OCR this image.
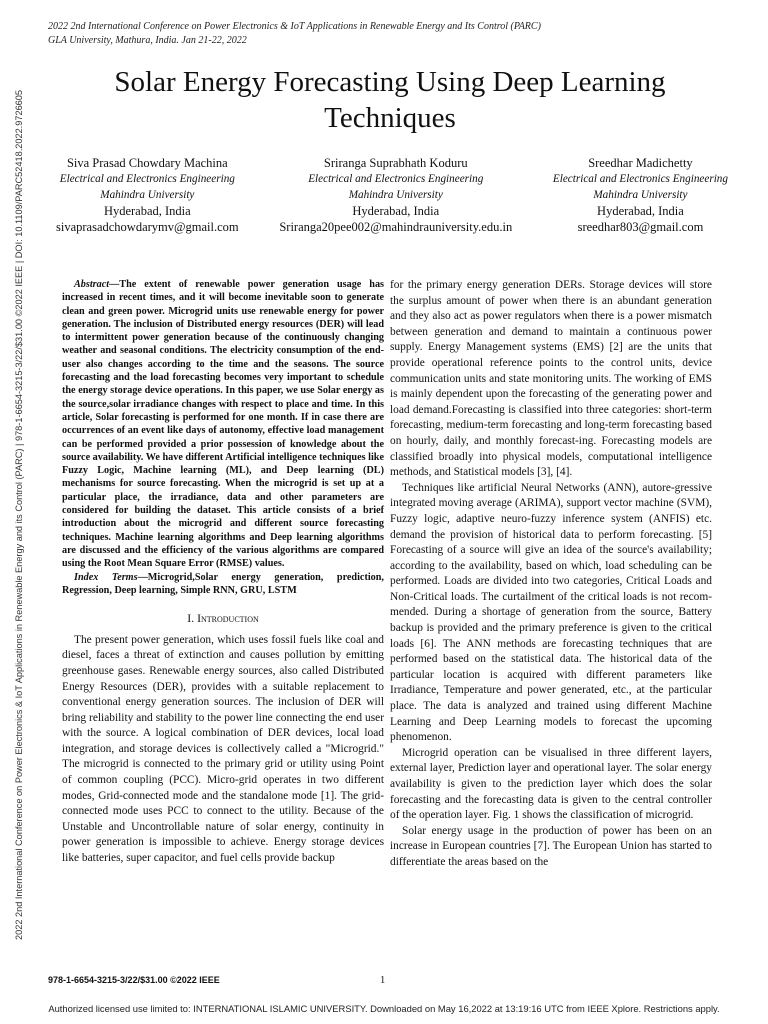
2022 2nd International Conference on Power Electronics & IoT Applications in Renewable Energy and Its Control (PARC)
GLA University, Mathura, India. Jan 21-22, 2022
2022 2nd International Conference on Power Electronics & IoT Applications in Renewable Energy and its Control (PARC) | 978-1-6654-3215-3/22/$31.00 ©2022 IEEE | DOI: 10.1109/PARC52418.2022.9726605
Solar Energy Forecasting Using Deep Learning Techniques
Siva Prasad Chowdary Machina
Electrical and Electronics Engineering
Mahindra University
Hyderabad, India
sivaprasadchowdarymv@gmail.com
Sriranga Suprabhath Koduru
Electrical and Electronics Engineering
Mahindra University
Hyderabad, India
Sriranga20pee002@mahindrauniversity.edu.in
Sreedhar Madichetty
Electrical and Electronics Engineering
Mahindra University
Hyderabad, India
sreedhar803@gmail.com

Abstract—The extent of renewable power generation usage has increased in recent times, and it will become inevitable soon to generate clean and green power. Microgrid units use renewable energy for power generation. The inclusion of Distributed energy resources (DER) will lead to intermittent power generation because of the continuously changing weather and seasonal conditions. The electricity consumption of the end-user also changes according to the time and the seasons. The source forecasting and the load forecasting becomes very important to schedule the energy storage device operations. In this paper, we use Solar energy as the source,solar irradiance changes with respect to place and time. In this article, Solar forecasting is performed for one month. If in case there are occurrences of an event like days of autonomy, effective load management can be performed provided a prior possession of knowledge about the source availability. We have different Artificial intelligence techniques like Fuzzy Logic, Machine learning (ML), and Deep learning (DL) mechanisms for source forecasting. When the microgrid is set up at a particular place, the irradiance, data and other parameters are considered for building the dataset. This article consists of a brief introduction about the microgrid and different source forecasting techniques. Machine learning algorithms and Deep learning algorithms are discussed and the efficiency of the various algorithms are compared using the Root Mean Square Error (RMSE) values.

Index Terms—Microgrid,Solar energy generation, prediction, Regression, Deep learning, Simple RNN, GRU, LSTM

I. Introduction

The present power generation, which uses fossil fuels like coal and diesel, faces a threat of extinction and causes pollution by emitting greenhouse gases. Renewable energy sources, also called Distributed Energy Resources (DER), provides with a suitable replacement to conventional energy generation sources. The inclusion of DER will bring reliability and stability to the power line connecting the end user with the source. A logical combination of DER devices, local load integration, and storage devices is collectively called a "Microgrid." The microgrid is connected to the primary grid or utility using Point of common coupling (PCC). Micro-grid operates in two different modes, Grid-connected mode and the standalone mode [1]. The grid-connected mode uses PCC to connect to the utility. Because of the Unstable and Uncontrollable nature of solar energy, continuity in power generation is impossible to achieve. Energy storage devices like batteries, super capacitor, and fuel cells provide backup

for the primary energy generation DERs. Storage devices will store the surplus amount of power when there is an abundant generation and they also act as power regulators when there is a power mismatch between generation and demand to maintain a continuous power supply. Energy Management systems (EMS) [2] are the units that provide operational reference points to the control units, device communication units and state monitoring units. The working of EMS is mainly dependent upon the forecasting of the generating power and load demand.Forecasting is classified into three categories: short-term forecasting, medium-term forecasting and long-term forecasting based on hourly, daily, and monthly forecast-ing. Forecasting models are classified broadly into physical models, computational intelligence methods, and Statistical models [3], [4].

Techniques like artificial Neural Networks (ANN), autore-gressive integrated moving average (ARIMA), support vector machine (SVM), Fuzzy logic, adaptive neuro-fuzzy inference system (ANFIS) etc. demand the provision of historical data to perform forecasting. [5] Forecasting of a source will give an idea of the source's availability; according to the availability, based on which, load scheduling can be performed. Loads are divided into two categories, Critical Loads and Non-Critical loads. The curtailment of the critical loads is not recom-mended. During a shortage of generation from the source, Battery backup is provided and the primary preference is given to the critical loads [6]. The ANN methods are forecasting techniques that are performed based on the statistical data. The historical data of the particular location is acquired with different parameters like Irradiance, Temperature and power generated, etc., at the particular place. The data is analyzed and trained using different Machine Learning and Deep Learning models to forecast the upcoming phenomenon.

Microgrid operation can be visualised in three different layers, external layer, Prediction layer and operational layer. The solar energy availability is given to the prediction layer which does the solar forecasting and the forecasting data is given to the central controller of the operation layer. Fig. 1 shows the classification of microgrid.

Solar energy usage in the production of power has been on an increase in European countries [7]. The European Union has started to differentiate the areas based on the

978-1-6654-3215-3/22/$31.00 ©2022 IEEE	1
Authorized licensed use limited to: INTERNATIONAL ISLAMIC UNIVERSITY. Downloaded on May 16,2022 at 13:19:16 UTC from IEEE Xplore. Restrictions apply.
